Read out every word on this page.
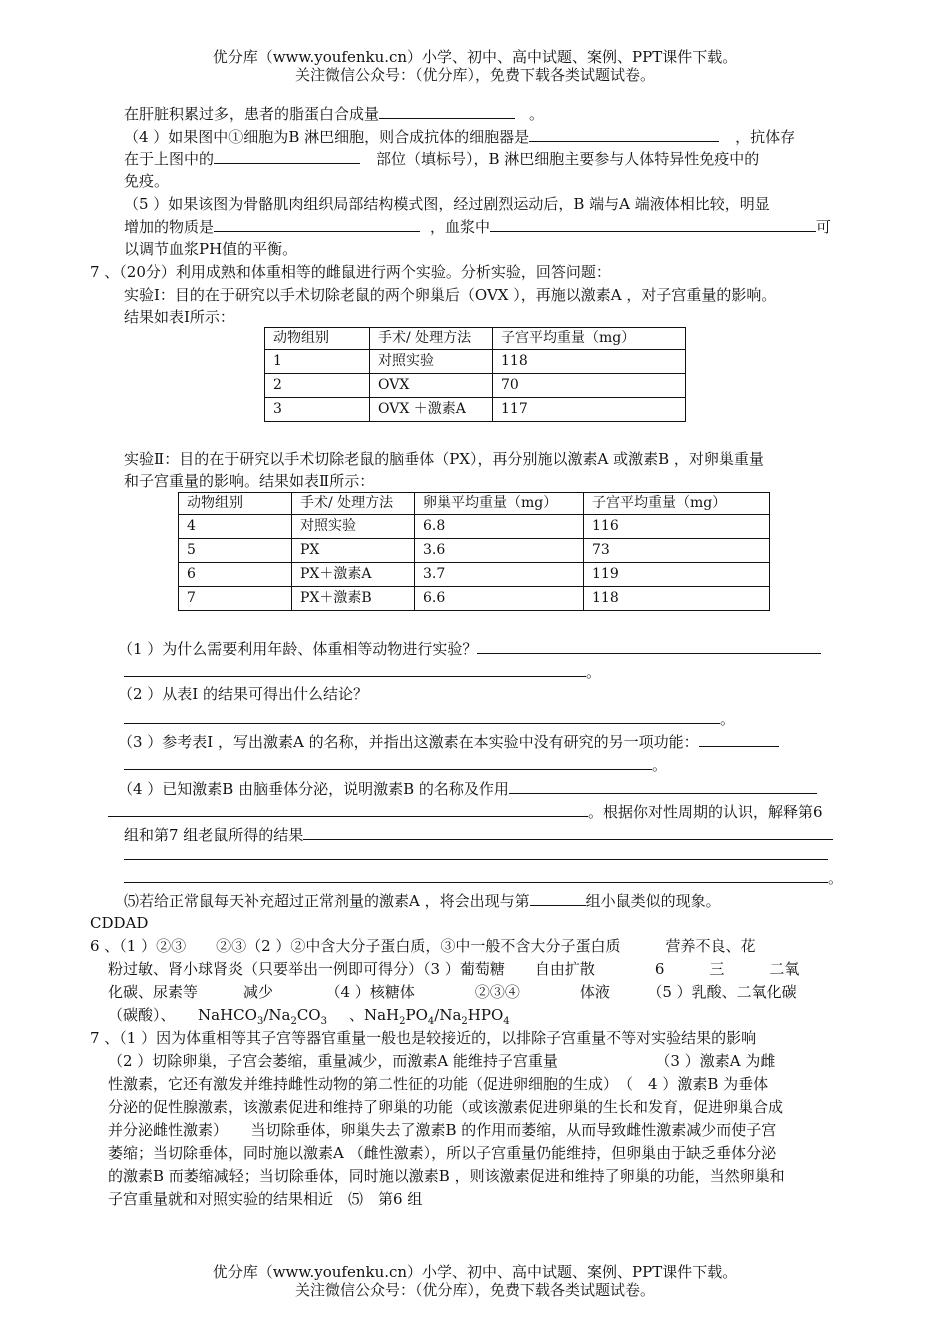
优分库（www.youfenku.cn）小学、初中、高中试题、案例、PPT课件下载。
关注微信公众号：（优分库），免费下载各类试题试卷。
在肝脏积累过多，患者的脂蛋白合成量	。
（4 ）如果图中①细胞为B 淋巴细胞，则合成抗体的细胞器是	，抗体存
在于上图中的	部位（填标号），B 淋巴细胞主要参与人体特异性免疫中的
免疫。
（5 ）如果该图为骨骼肌肉组织局部结构模式图，经过剧烈运动后，B 端与A 端液体相比较，明显
增加的物质是	，血浆中	可
以调节血浆PH值的平衡。
7 、（20分）利用成熟和体重相等的雌鼠进行两个实验。分析实验，回答问题：
实验Ⅰ：目的在于研究以手术切除老鼠的两个卵巢后（OVX ），再施以激素A ，对子宫重量的影响。
结果如表Ⅰ所示：
动物组别	手术/ 处理方法	子宫平均重量（mg）
1	对照实验	118
2	OVX	70
3	OVX ＋激素A	117
实验Ⅱ：目的在于研究以手术切除老鼠的脑垂体（PX），再分别施以激素A 或激素B ，对卵巢重量
和子宫重量的影响。结果如表Ⅱ所示：
动物组别	手术/ 处理方法	卵巢平均重量（mg）	子宫平均重量（mg）
4	对照实验	6.8	116
5	PX	3.6	73
6	PX＋激素A	3.7	119
7	PX＋激素B	6.6	118
（1 ）为什么需要利用年龄、体重相等动物进行实验？
。
（2 ）从表I 的结果可得出什么结论？
。
（3 ）参考表I ，写出激素A 的名称，并指出这激素在本实验中没有研究的另一项功能：
。
（4 ）已知激素B 由脑垂体分泌，说明激素B 的名称及作用
。根据你对性周期的认识，解释第6
组和第7 组老鼠所得的结果
。
⑸若给正常鼠每天补充超过正常剂量的激素A ，将会出现与第	组小鼠类似的现象。
CDDAD
6 、（1 ）②③　　②③（2 ）②中含大分子蛋白质，③中一般不含大分子蛋白质　　　营养不良、花
粉过敏、肾小球肾炎（只要举出一例即可得分）（3 ）葡萄糖　　自由扩散　　　　6　　　三　　　二氧
化碳、尿素等　　　减少　　　　（4 ）核糖体　　　　②③④　　　　体液　　　（5 ）乳酸、二氧化碳
（碳酸）、　　$NaHCO_3/Na_2CO_3$ 、$NaH_2PO_4/Na_2HPO_4$
7 、（1 ）因为体重相等其子宫等器官重量一般也是较接近的，以排除子宫重量不等对实验结果的影响
（2 ）切除卵巢，子宫会萎缩，重量减少，而激素A 能维持子宫重量　　　　　　　（3 ）激素A 为雌
性激素，它还有激发并维持雌性动物的第二性征的功能（促进卵细胞的生成）　（　4 ）激素B 为垂体
分泌的促性腺激素，该激素促进和维持了卵巢的功能（或该激素促进卵巢的生长和发育，促进卵巢合成
并分泌雌性激素）　　当切除垂体，卵巢失去了激素B 的作用而萎缩，从而导致雌性激素减少而使子宫
萎缩；当切除垂体，同时施以激素A （雌性激素），所以子宫重量仍能维持，但卵巢由于缺乏垂体分泌
的激素B 而萎缩减轻；当切除垂体，同时施以激素B ，则该激素促进和维持了卵巢的功能，当然卵巢和
子宫重量就和对照实验的结果相近　⑸　第6 组
优分库（www.youfenku.cn）小学、初中、高中试题、案例、PPT课件下载。
关注微信公众号：（优分库），免费下载各类试题试卷。
